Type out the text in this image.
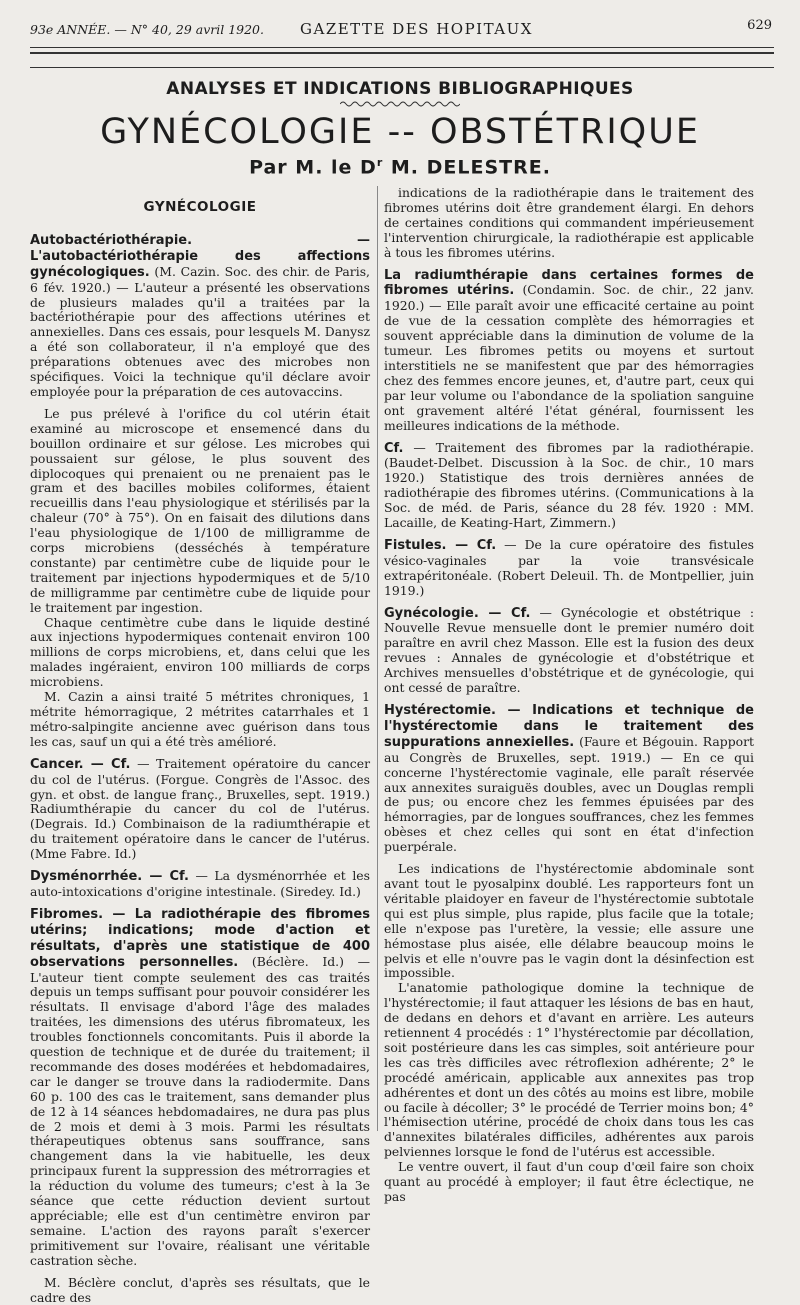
93e ANNÉE. — N° 40, 29 avril 1920. GAZETTE DES HOPITAUX	629
ANALYSES ET INDICATIONS BIBLIOGRAPHIQUES
GYNÉCOLOGIE -- OBSTÉTRIQUE
Par M. le $D^r$ M. DELESTRE.
GYNÉCOLOGIE

Autobactériothérapie. — L'autobactériothérapie des affections gynécologiques. (M. Cazin. Soc. des chir. de Paris, 6 fév. 1920.) — L'auteur a présenté les observations de plusieurs malades qu'il a traitées par la bactériothérapie pour des affections utérines et annexielles. Dans ces essais, pour lesquels M. Danysz a été son collaborateur, il n'a employé que des préparations obtenues avec des microbes non spécifiques. Voici la technique qu'il déclare avoir employée pour la préparation de ces autovaccins.

Le pus prélevé à l'orifice du col utérin était examiné au microscope et ensemencé dans du bouillon ordinaire et sur gélose. Les microbes qui poussaient sur gélose, le plus souvent des diplocoques qui prenaient ou ne prenaient pas le gram et des bacilles mobiles coliformes, étaient recueillis dans l'eau physiologique et stérilisés par la chaleur (70° à 75°). On en faisait des dilutions dans l'eau physiologique de 1/100 de milligramme de corps microbiens (desséchés à température constante) par centimètre cube de liquide pour le traitement par injections hypodermiques et de 5/10 de milligramme par centimètre cube de liquide pour le traitement par ingestion.

Chaque centimètre cube dans le liquide destiné aux injections hypodermiques contenait environ 100 millions de corps microbiens, et, dans celui que les malades ingéraient, environ 100 milliards de corps microbiens.

M. Cazin a ainsi traité 5 métrites chroniques, 1 métrite hémorragique, 2 métrites catarrhales et 1 métro-salpingite ancienne avec guérison dans tous les cas, sauf un qui a été très amélioré.

Cancer. — Cf. — Traitement opératoire du cancer du col de l'utérus. (Forgue. Congrès de l'Assoc. des gyn. et obst. de langue franç., Bruxelles, sept. 1919.) Radiumthérapie du cancer du col de l'utérus. (Degrais. Id.) Combinaison de la radiumthérapie et du traitement opératoire dans le cancer de l'utérus. (Mme Fabre. Id.)

Dysménorrhée. — Cf. — La dysménorrhée et les auto-intoxications d'origine intestinale. (Siredey. Id.)

Fibromes. — La radiothérapie des fibromes utérins; indications; mode d'action et résultats, d'après une statistique de 400 observations personnelles. (Béclère. Id.) — L'auteur tient compte seulement des cas traités depuis un temps suffisant pour pouvoir considérer les résultats. Il envisage d'abord l'âge des malades traitées, les dimensions des utérus fibromateux, les troubles fonctionnels concomitants. Puis il aborde la question de technique et de durée du traitement; il recommande des doses modérées et hebdomadaires, car le danger se trouve dans la radiodermite. Dans 60 p. 100 des cas le traitement, sans demander plus de 12 à 14 séances hebdomadaires, ne dura pas plus de 2 mois et demi à 3 mois. Parmi les résultats thérapeutiques obtenus sans souffrance, sans changement dans la vie habituelle, les deux principaux furent la suppression des métrorragies et la réduction du volume des tumeurs; c'est à la 3e séance que cette réduction devient surtout appréciable; elle est d'un centimètre environ par semaine. L'action des rayons paraît s'exercer primitivement sur l'ovaire, réalisant une véritable castration sèche.

M. Béclère conclut, d'après ses résultats, que le cadre des

indications de la radiothérapie dans le traitement des fibromes utérins doit être grandement élargi. En dehors de certaines conditions qui commandent impérieusement l'intervention chirurgicale, la radiothérapie est applicable à tous les fibromes utérins.

La radiumthérapie dans certaines formes de fibromes utérins. (Condamin. Soc. de chir., 22 janv. 1920.) — Elle paraît avoir une efficacité certaine au point de vue de la cessation complète des hémorragies et souvent appréciable dans la diminution de volume de la tumeur. Les fibromes petits ou moyens et surtout interstitiels ne se manifestent que par des hémorragies chez des femmes encore jeunes, et, d'autre part, ceux qui par leur volume ou l'abondance de la spoliation sanguine ont gravement altéré l'état général, fournissent les meilleures indications de la méthode.

Cf. — Traitement des fibromes par la radiothérapie. (Baudet-Delbet. Discussion à la Soc. de chir., 10 mars 1920.) Statistique des trois dernières années de radiothérapie des fibromes utérins. (Communications à la Soc. de méd. de Paris, séance du 28 fév. 1920 : MM. Lacaille, de Keating-Hart, Zimmern.)

Fistules. — Cf. — De la cure opératoire des fistules vésico-vaginales par la voie transvésicale extrapéritonéale. (Robert Deleuil. Th. de Montpellier, juin 1919.)

Gynécologie. — Cf. — Gynécologie et obstétrique : Nouvelle Revue mensuelle dont le premier numéro doit paraître en avril chez Masson. Elle est la fusion des deux revues : Annales de gynécologie et d'obstétrique et Archives mensuelles d'obstétrique et de gynécologie, qui ont cessé de paraître.

Hystérectomie. — Indications et technique de l'hystérectomie dans le traitement des suppurations annexielles. (Faure et Bégouin. Rapport au Congrès de Bruxelles, sept. 1919.) — En ce qui concerne l'hystérectomie vaginale, elle paraît réservée aux annexites suraiguës doubles, avec un Douglas rempli de pus; ou encore chez les femmes épuisées par des hémorragies, par de longues souffrances, chez les femmes obèses et chez celles qui sont en état d'infection puerpérale.

Les indications de l'hystérectomie abdominale sont avant tout le pyosalpinx doublé. Les rapporteurs font un véritable plaidoyer en faveur de l'hystérectomie subtotale qui est plus simple, plus rapide, plus facile que la totale; elle n'expose pas l'uretère, la vessie; elle assure une hémostase plus aisée, elle délabre beaucoup moins le pelvis et elle n'ouvre pas le vagin dont la désinfection est impossible.

L'anatomie pathologique domine la technique de l'hystérectomie; il faut attaquer les lésions de bas en haut, de dedans en dehors et d'avant en arrière. Les auteurs retiennent 4 procédés : 1° l'hystérectomie par décollation, soit postérieure dans les cas simples, soit antérieure pour les cas très difficiles avec rétroflexion adhérente; 2° le procédé américain, applicable aux annexites pas trop adhérentes et dont un des côtés au moins est libre, mobile ou facile à décoller; 3° le procédé de Terrier moins bon; 4° l'hémisection utérine, procédé de choix dans tous les cas d'annexites bilatérales difficiles, adhérentes aux parois pelviennes lorsque le fond de l'utérus est accessible.

Le ventre ouvert, il faut d'un coup d'œil faire son choix quant au procédé à employer; il faut être éclectique, ne pas
